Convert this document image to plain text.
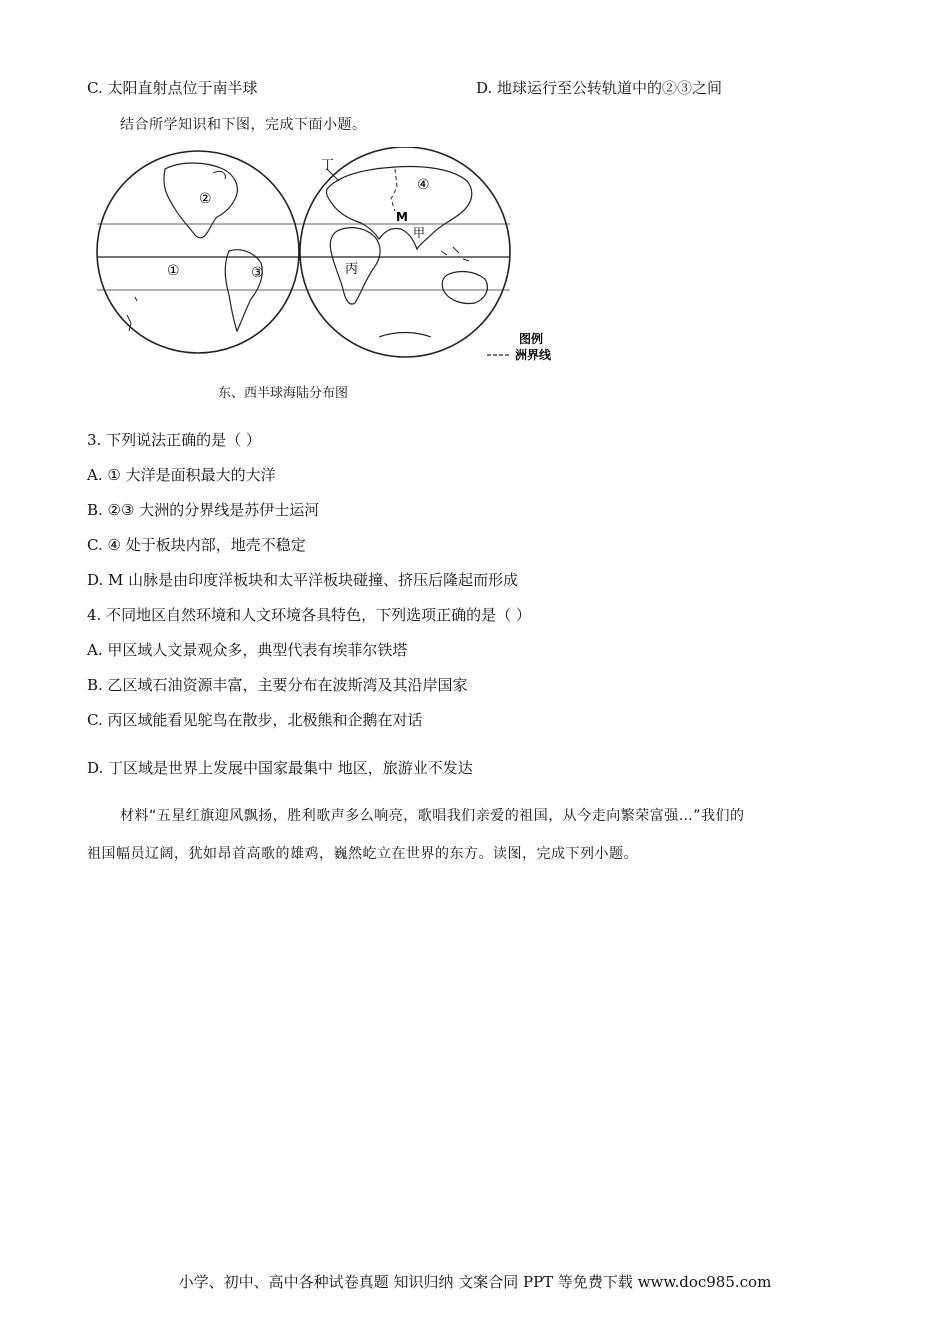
C. 太阳直射点位于南半球	D. 地球运行至公转轨道中的②③之间
结合所学知识和下图，完成下面小题。
丁
④
②
①	③
M
甲
丙
图例
洲界线
东、西半球海陆分布图
3. 下列说法正确的是（ ）
A. ① 大洋是面积最大的大洋
B. ②③ 大洲的分界线是苏伊士运河
C. ④ 处于板块内部，地壳不稳定
D. M 山脉是由印度洋板块和太平洋板块碰撞、挤压后隆起而形成
4. 不同地区自然环境和人文环境各具特色，下列选项正确的是（ ）
A. 甲区域人文景观众多，典型代表有埃菲尔铁塔
B. 乙区域石油资源丰富，主要分布在波斯湾及其沿岸国家
C. 丙区域能看见鸵鸟在散步，北极熊和企鹅在对话
D. 丁区域是世界上发展中国家最集中 地区，旅游业不发达
材料“五星红旗迎风飘扬，胜利歌声多么响亮，歌唱我们亲爱的祖国，从今走向繁荣富强…”我们的
祖国幅员辽阔，犹如昂首高歌的雄鸡，巍然屹立在世界的东方。读图，完成下列小题。
小学、初中、高中各种试卷真题 知识归纳 文案合同 PPT 等免费下载 www.doc985.com
